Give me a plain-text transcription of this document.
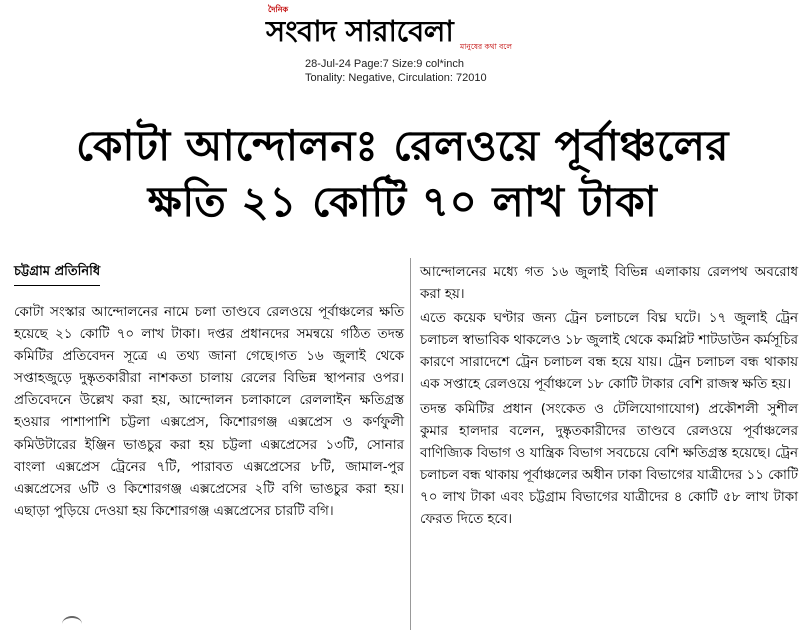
দৈনিক
সংবাদ সারাবেলা মানুষের কথা বলে
28-Jul-24 Page:7 Size:9 col*inch
Tonality: Negative, Circulation: 72010
কোটা আন্দোলনঃ রেলওয়ে পূর্বাঞ্চলের
ক্ষতি ২১ কোটি ৭০ লাখ টাকা
চট্টগ্রাম প্রতিনিধি

কোটা সংস্কার আন্দোলনের নামে চলা তাণ্ডবে রেলওয়ে পূর্বাঞ্চলের ক্ষতি হয়েছে ২১ কোটি ৭০ লাখ টাকা। দপ্তর প্রধানদের সমন্বয়ে গঠিত তদন্ত কমিটির প্রতিবেদন সূত্রে এ তথ্য জানা গেছে।গত ১৬ জুলাই থেকে সপ্তাহজুড়ে দুষ্কৃতকারীরা নাশকতা চালায় রেলের বিভিন্ন স্থাপনার ওপর। প্রতিবেদনে উল্লেখ করা হয়, আন্দোলন চলাকালে রেললাইন ক্ষতিগ্রস্ত হওয়ার পাশাপাশি চট্টলা এক্সপ্রেস, কিশোরগঞ্জ এক্সপ্রেস ও কর্ণফুলী কমিউটারের ইঞ্জিন ভাঙচুর করা হয় চট্টলা এক্সপ্রেসের ১৩টি, সোনার বাংলা এক্সপ্রেস ট্রেনের ৭টি, পারাবত এক্সপ্রেসের ৮টি, জামাল-পুর এক্সপ্রেসের ৬টি ও কিশোরগঞ্জ এক্সপ্রেসের ২টি বগি ভাঙচুর করা হয়। এছাড়া পুড়িয়ে দেওয়া হয় কিশোরগঞ্জ এক্সপ্রেসের চারটি বগি।

আন্দোলনের মধ্যে গত ১৬ জুলাই বিভিন্ন এলাকায় রেলপথ অবরোধ করা হয়।

এতে কয়েক ঘণ্টার জন্য ট্রেন চলাচলে বিঘ্ন ঘটে। ১৭ জুলাই ট্রেন চলাচল স্বাভাবিক থাকলেও ১৮ জুলাই থেকে কমপ্লিট শাটডাউন কর্মসূচির কারণে সারাদেশে ট্রেন চলাচল বন্ধ হয়ে যায়। ট্রেন চলাচল বন্ধ থাকায় এক সপ্তাহে রেলওয়ে পূর্বাঞ্চলে ১৮ কোটি টাকার বেশি রাজস্ব ক্ষতি হয়।

তদন্ত কমিটির প্রধান (সংকেত ও টেলিযোগাযোগ) প্রকৌশলী সুশীল কুমার হালদার বলেন, দুষ্কৃতকারীদের তাণ্ডবে রেলওয়ে পূর্বাঞ্চলের বাণিজ্যিক বিভাগ ও যান্ত্রিক বিভাগ সবচেয়ে বেশি ক্ষতিগ্রস্ত হয়েছে। ট্রেন চলাচল বন্ধ থাকায় পূর্বাঞ্চলের অধীন ঢাকা বিভাগের যাত্রীদের ১১ কোটি ৭০ লাখ টাকা এবং চট্টগ্রাম বিভাগের যাত্রীদের ৪ কোটি ৫৮ লাখ টাকা ফেরত দিতে হবে।
